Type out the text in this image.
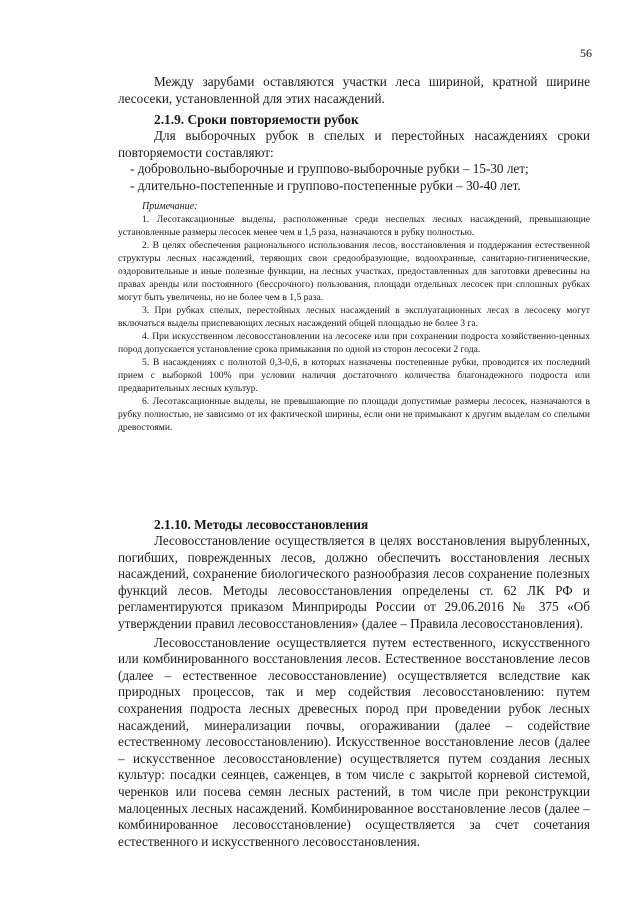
56

Между зарубами оставляются участки леса шириной, кратной ширине лесосеки, установленной для этих насаждений.

2.1.9. Сроки повторяемости рубок

Для выборочных рубок в спелых и перестойных насаждениях сроки повторяемости составляют:

- добровольно-выборочные и группово-выборочные рубки – 15-30 лет;

- длительно-постепенные и группово-постепенные рубки – 30-40 лет.

Примечание:

1. Лесотаксационные выделы, расположенные среди неспелых лесных насаждений, превышающие установленные размеры лесосек менее чем в 1,5 раза, назначаются в рубку полностью.

2. В целях обеспечения рационального использования лесов, восстановления и поддержания естественной структуры лесных насаждений, теряющих свои средообразующие, водоохранные, санитарно-гигиенические, оздоровительные и иные полезные функции, на лесных участках, предоставленных для заготовки древесины на правах аренды или постоянного (бессрочного) пользования, площади отдельных лесосек при сплошных рубках могут быть увеличены, но не более чем в 1,5 раза.

3. При рубках спелых, перестойных лесных насаждений в эксплуатационных лесах в лесосеку могут включаться выделы приспевающих лесных насаждений общей площадью не более 3 га.

4. При искусственном лесовосстановлении на лесосеке или при сохранении подроста хозяйственно-ценных пород допускается установление срока примыкания по одной из сторон лесосеки 2 года.

5. В насаждениях с полнотой 0,3-0,6, в которых назначены постепенные рубки, проводится их последний прием с выборкой 100% при условии наличия достаточного количества благонадежного подроста или предварительных лесных культур.

6. Лесотаксационные выделы, не превышающие по площади допустимые размеры лесосек, назначаются в рубку полностью, не зависимо от их фактической ширины, если они не примыкают к другим выделам со спелыми древостоями.

2.1.10. Методы лесовосстановления

Лесовосстановление осуществляется в целях восстановления вырубленных, погибших, поврежденных лесов, должно обеспечить восстановления лесных насаждений, сохранение биологического разнообразия лесов сохранение полезных функций лесов. Методы лесовосстановления определены ст. 62 ЛК РФ и регламентируются приказом Минприроды России от 29.06.2016 № 375 «Об утверждении правил лесовосстановления» (далее – Правила лесовосстановления).

Лесовосстановление осуществляется путем естественного, искусственного или комбинированного восстановления лесов. Естественное восстановление лесов (далее – естественное лесовосстановление) осуществляется вследствие как природных процессов, так и мер содействия лесовосстановлению: путем сохранения подроста лесных древесных пород при проведении рубок лесных насаждений, минерализации почвы, огораживании (далее – содействие естественному лесовосстановлению). Искусственное восстановление лесов (далее – искусственное лесовосстановление) осуществляется путем создания лесных культур: посадки сеянцев, саженцев, в том числе с закрытой корневой системой, черенков или посева семян лесных растений, в том числе при реконструкции малоценных лесных насаждений. Комбинированное восстановление лесов (далее – комбинированное лесовосстановление) осуществляется за счет сочетания естественного и искусственного лесовосстановления.
